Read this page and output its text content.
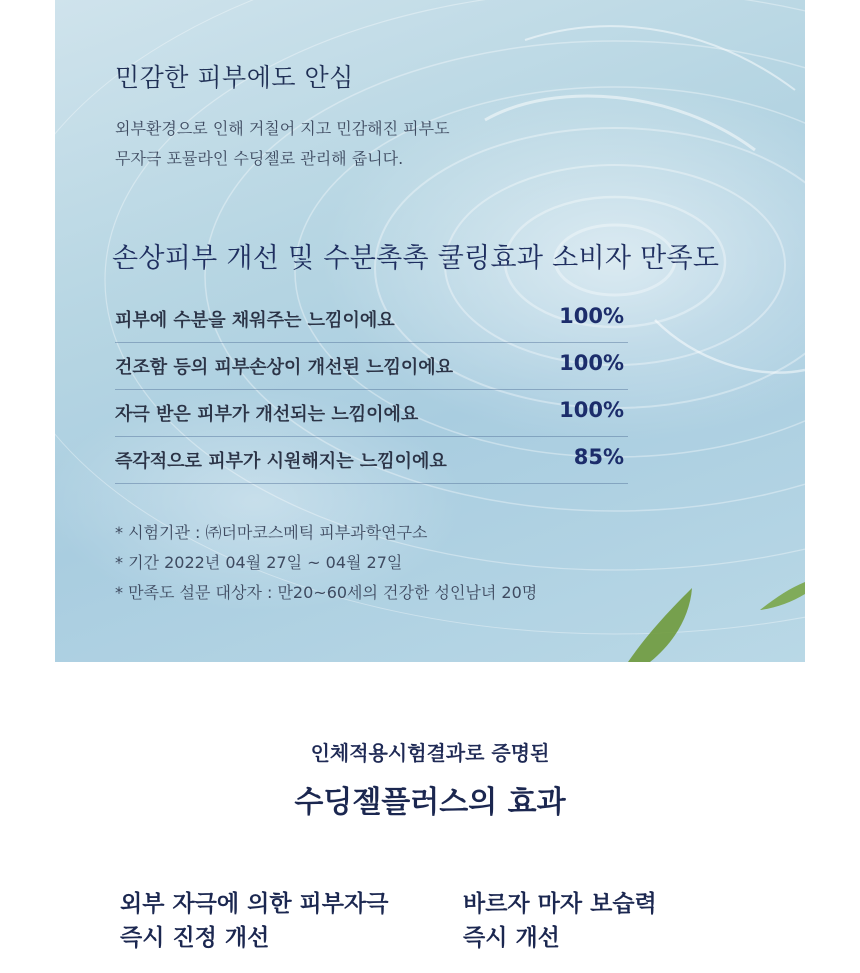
민감한 피부에도 안심
외부환경으로 인해 거칠어 지고 민감해진 피부도
무자극 포뮬라인 수딩젤로 관리해 줍니다.
손상피부 개선 및 수분촉촉 쿨링효과 소비자 만족도
피부에 수분을 채워주는 느낌이에요	100%
건조함 등의 피부손상이 개선된 느낌이에요	100%
자극 받은 피부가 개선되는 느낌이에요	100%
즉각적으로 피부가 시원해지는 느낌이에요	85%
* 시험기관 : ㈜더마코스메틱 피부과학연구소
* 기간 2022년 04월 27일 ~ 04월 27일
* 만족도 설문 대상자 : 만20~60세의 건강한 성인남녀 20명
인체적용시험결과로 증명된
수딩젤플러스의 효과
외부 자극에 의한 피부자극
즉시 진정 개선
바르자 마자 보습력
즉시 개선
